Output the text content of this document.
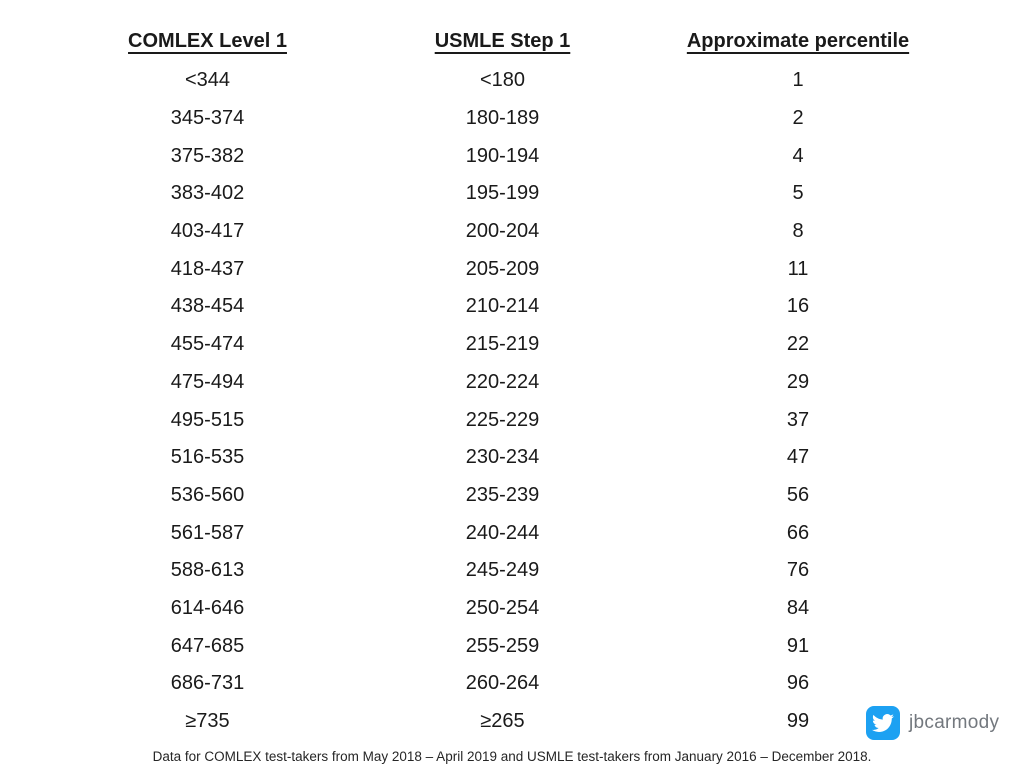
COMLEX Level 1	USMLE Step 1	Approximate percentile
<344	<180	1
345-374	180-189	2
375-382	190-194	4
383-402	195-199	5
403-417	200-204	8
418-437	205-209	11
438-454	210-214	16
455-474	215-219	22
475-494	220-224	29
495-515	225-229	37
516-535	230-234	47
536-560	235-239	56
561-587	240-244	66
588-613	245-249	76
614-646	250-254	84
647-685	255-259	91
686-731	260-264	96
≥735	≥265	99	jbcarmody
Data for COMLEX test-takers from May 2018 – April 2019 and USMLE test-takers from January 2016 – December 2018.
